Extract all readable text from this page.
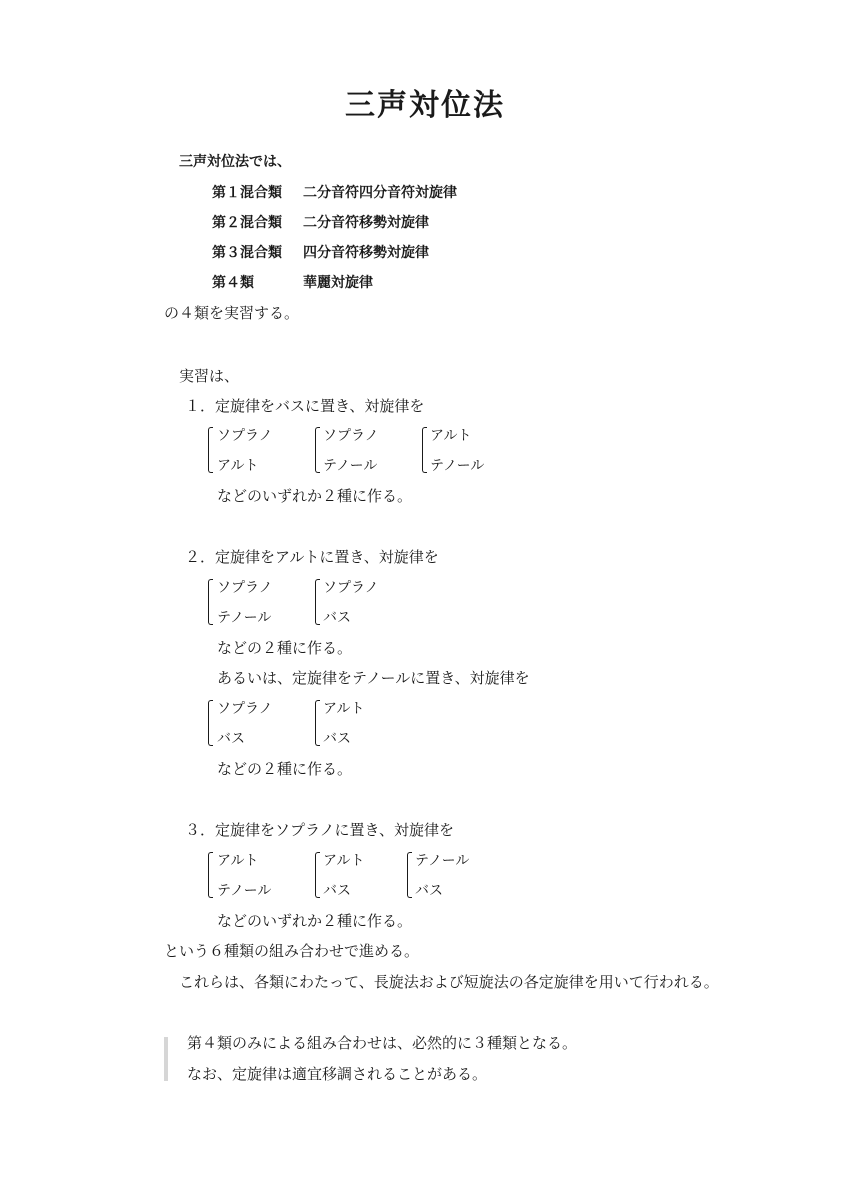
三声対位法
三声対位法では、
第１混合類 二分音符四分音符対旋律
第２混合類 二分音符移勢対旋律
第３混合類 四分音符移勢対旋律
第４類	華麗対旋律
の４類を実習する。
実習は、
１．定旋律をバスに置き、対旋律を
ソプラノ
アルト
ソプラノ
テノール
アルト
テノール
などのいずれか２種に作る。
２．定旋律をアルトに置き、対旋律を
ソプラノ
テノール
ソプラノ
バス
などの２種に作る。
あるいは、定旋律をテノールに置き、対旋律を
ソプラノ
バス
アルト
バス
などの２種に作る。
３．定旋律をソプラノに置き、対旋律を
アルト
テノール
アルト
バス
テノール
バス
などのいずれか２種に作る。
という６種類の組み合わせで進める。
これらは、各類にわたって、長旋法および短旋法の各定旋律を用いて行われる。
第４類のみによる組み合わせは、必然的に３種類となる。
なお、定旋律は適宜移調されることがある。
